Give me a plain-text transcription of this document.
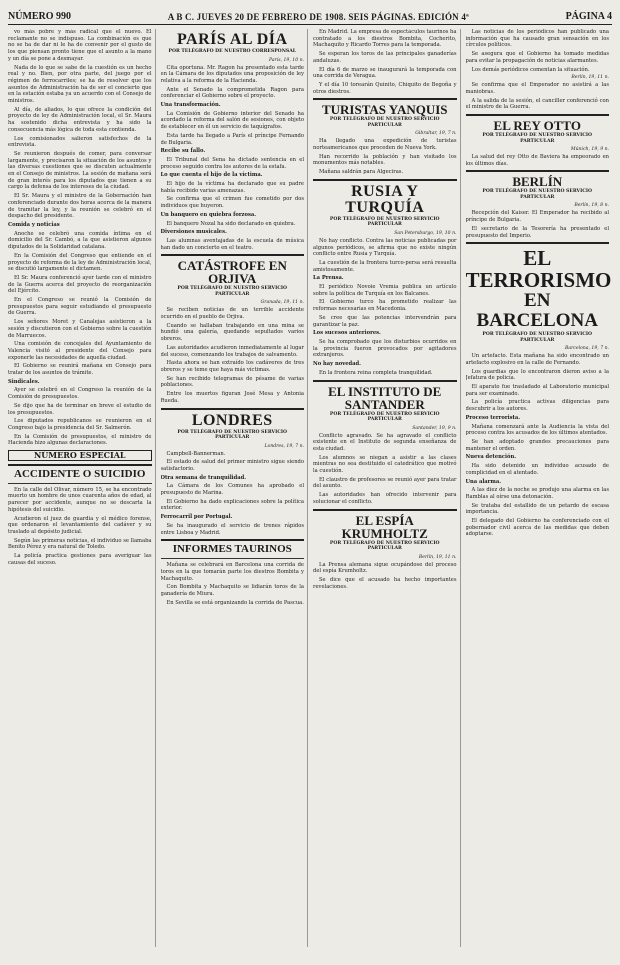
NÚMERO 990	A B C. JUEVES 20 DE FEBRERO DE 1908. SEIS PÁGINAS. EDICIÓN 4ª	PÁGINA 4

vo más pobre y más radical que el nuevo. El reclamante no se indispuso. La combinación es que no se ha de dar ni le ha de convenir por el gusto de los que piensan pronto tiene que el asunto a la mano y un día se pone a desmayar.

Nada de lo que se sabe de la cuestión es un hecho real y no. Bien, por otra parte, del juego por el régimen de ferrocarriles; se ha de resolver que los asuntos de Administración ha de ser el concierto que en la estación estaba ya un acuerdo con el Consejo de ministros.

Al día, de aliados, lo que ofrece la condición del proyecto de ley de Administración local, el Sr. Maura ha sostenido dicha entrevista y ha sido la consecuencia más lógica de toda esta contienda.

Los comisionados salieron satisfechos de la entrevista.

Se reunieron después de comer, para conversar largamente, y precisaron la situación de los asuntos y las diversas cuestiones que se discuten actualmente en el Consejo de ministros. La sesión de mañana será de gran interés para los diputados que tienen a su cargo la defensa de los intereses de la ciudad.

El Sr. Maura y el ministro de la Gobernación han conferenciado durante dos horas acerca de la manera de tramitar la ley, y la reunión se celebró en el despacho del presidente.

Comida y noticias

Anoche se celebró una comida íntima en el domicilio del Sr. Cambó, a la que asistieron algunos diputados de la Solidaridad catalana.

En la Comisión del Congreso que entiende en el proyecto de reforma de la ley de Administración local, se discutió largamente el dictamen.

El Sr. Maura conferenció ayer tarde con el ministro de la Guerra acerca del proyecto de reorganización del Ejército.

En el Congreso se reunió la Comisión de presupuestos para seguir estudiando el presupuesto de Guerra.

Los señores Moret y Canalejas asistieron a la sesión y discutieron con el Gobierno sobre la cuestión de Marruecos.

Una comisión de concejales del Ayuntamiento de Valencia visitó al presidente del Consejo para exponerle las necesidades de aquella ciudad.

El Gobierno se reunirá mañana en Consejo para tratar de los asuntos de trámite.

Sindicales.

Ayer se celebró en el Congreso la reunión de la Comisión de presupuestos.

Se dijo que ha de terminar en breve el estudio de los presupuestos.

Los diputados republicanos se reunieron en el Congreso bajo la presidencia del Sr. Salmerón.

En la Comisión de presupuestos, el ministro de Hacienda hizo algunas declaraciones.

NÚMERO ESPECIAL
ACCIDENTE O SUICIDIO

En la calle del Olivar, número 15, se ha encontrado muerto un hombre de unos cuarenta años de edad, al parecer por accidente, aunque no se descarta la hipótesis del suicidio.

Acudieron el juez de guardia y el médico forense, que ordenaron el levantamiento del cadáver y su traslado al depósito judicial.

Según las primeras noticias, el individuo se llamaba Benito Pérez y era natural de Toledo.

La policía practica gestiones para averiguar las causas del suceso.

PARÍS AL DÍA
POR TELÉGRAFO DE NUESTRO CORRESPONSAL

París, 19, 10 n.

Cita oportuna. Mr. Ragon ha presentado esta tarde en la Cámara de los diputados una proposición de ley relativa a la reforma de la Hacienda.

Ante el Senado la comprometida Ragon para conferenciar el Gobierno sobre el proyecto.

Una transformación.

La Comisión de Gobierno interior del Senado ha acordado la reforma del salón de sesiones, con objeto de establecer en él un servicio de taquígrafos.

Esta tarde ha llegado a París el príncipe Fernando de Bulgaria.

Recibe su fallo.

El Tribunal del Sena ha dictado sentencia en el proceso seguido contra los autores de la estafa.

Lo que cuenta el hijo de la víctima.

El hijo de la víctima ha declarado que su padre había recibido varias amenazas.

Se confirma que el crimen fue cometido por dos individuos que huyeron.

Un banquero en quiebra forzosa.

El banquero Nozal ha sido declarado en quiebra.

Diversiones musicales.

Las alumnas aventajadas de la escuela de música han dado un concierto en el teatro.

CATÁSTROFE EN ORJIVA
POR TELÉGRAFO DE NUESTRO SERVICIO PARTICULAR

Granada, 19, 11 n.

Se reciben noticias de un terrible accidente ocurrido en el pueblo de Orjiva.

Cuando se hallaban trabajando en una mina se hundió una galería, quedando sepultados varios obreros.

Las autoridades acudieron inmediatamente al lugar del suceso, comenzando los trabajos de salvamento.

Hasta ahora se han extraído los cadáveres de tres obreros y se teme que haya más víctimas.

Se han recibido telegramas de pésame de varias poblaciones.

Entre los muertos figuran José Mesa y Antonia Rueda.

LONDRES
POR TELÉGRAFO DE NUESTRO SERVICIO PARTICULAR

Londres, 19, 7 n.

Campbell-Bannerman.

El estado de salud del primer ministro sigue siendo satisfactorio.

Otra semana de tranquilidad.

La Cámara de los Comunes ha aprobado el presupuesto de Marina.

El Gobierno ha dado explicaciones sobre la política exterior.

Ferrocarril por Portugal.

Se ha inaugurado el servicio de trenes rápidos entre Lisboa y Madrid.

INFORMES TAURINOS

Mañana se celebrará en Barcelona una corrida de toros en la que tomarán parte los diestros Bombita y Machaquito.

Con Bombita y Machaquito se lidiarán toros de la ganadería de Miura.

En Sevilla se está organizando la corrida de Pascua.

En Madrid. La empresa de espectáculos taurinos ha contratado a los diestros Bombita, Cocherito, Machaquito y Ricardo Torres para la temporada.

Se esperan los toros de las principales ganaderías andaluzas.

El día 6 de marzo se inaugurará la temporada con una corrida de Veragua.

Y el día 10 torearán Quinito, Chiquito de Begoña y otros diestros.

TURISTAS YANQUIS
POR TELÉGRAFO DE NUESTRO SERVICIO PARTICULAR

Gibraltar, 19, 7 n.

Ha llegado una expedición de turistas norteamericanos que proceden de Nueva York.

Han recorrido la población y han visitado los monumentos más notables.

Mañana saldrán para Algeciras.

RUSIA Y TURQUÍA
POR TELÉGRAFO DE NUESTRO SERVICIO PARTICULAR

San Petersburgo, 19, 10 n.

No hay conflicto. Contra las noticias publicadas por algunos periódicos, se afirma que no existe ningún conflicto entre Rusia y Turquía.

La cuestión de la frontera turco-persa será resuelta amistosamente.

La Prensa.

El periódico Novoie Vremia publica un artículo sobre la política de Turquía en los Balcanes.

El Gobierno turco ha prometido realizar las reformas necesarias en Macedonia.

Se cree que las potencias intervendrán para garantizar la paz.

Los sucesos anteriores.

Se ha comprobado que los disturbios ocurridos en la provincia fueron provocados por agitadores extranjeros.

No hay novedad.

En la frontera reina completa tranquilidad.

EL INSTITUTO DE SANTANDER
POR TELÉGRAFO DE NUESTRO SERVICIO PARTICULAR

Santander, 19, 9 n.

Conflicto agravado. Se ha agravado el conflicto existente en el Instituto de segunda enseñanza de esta ciudad.

Los alumnos se niegan a asistir a las clases mientras no sea destituido el catedrático que motivó la cuestión.

El claustro de profesores se reunió ayer para tratar del asunto.

Las autoridades han ofrecido intervenir para solucionar el conflicto.

EL ESPÍA KRUMHOLTZ
POR TELÉGRAFO DE NUESTRO SERVICIO PARTICULAR

Berlín, 19, 11 n.

La Prensa alemana sigue ocupándose del proceso del espía Krumholtz.

Se dice que el acusado ha hecho importantes revelaciones.

Las noticias de los periódicos han publicado una información que ha causado gran sensación en los círculos políticos.

Se asegura que el Gobierno ha tomado medidas para evitar la propagación de noticias alarmantes.

Los demás periódicos comentan la situación.

Berlín, 19, 11 n.

Se confirma que el Emperador no asistirá a las maniobras.

A la salida de la sesión, el canciller conferenció con el ministro de la Guerra.

EL REY OTTO
POR TELÉGRAFO DE NUESTRO SERVICIO PARTICULAR

Múnich, 19, 9 n.

La salud del rey Otto de Baviera ha empeorado en los últimos días.

BERLÍN
POR TELÉGRAFO DE NUESTRO SERVICIO PARTICULAR

Berlín, 19, 8 n.

Recepción del Kaiser. El Emperador ha recibido al príncipe de Bulgaria.

El secretario de la Tesorería ha presentado el presupuesto del Imperio.

EL TERRORISMO
EN BARCELONA
POR TELÉGRAFO DE NUESTRO SERVICIO PARTICULAR

Barcelona, 19, 7 n.

Un artefacto. Esta mañana ha sido encontrado un artefacto explosivo en la calle de Fernando.

Los guardias que lo encontraron dieron aviso a la Jefatura de policía.

El aparato fue trasladado al Laboratorio municipal para ser examinado.

La policía practica activas diligencias para descubrir a los autores.

Proceso terrorista.

Mañana comenzará ante la Audiencia la vista del proceso contra los acusados de los últimos atentados.

Se han adoptado grandes precauciones para mantener el orden.

Nueva detención.

Ha sido detenido un individuo acusado de complicidad en el atentado.

Una alarma.

A las diez de la noche se produjo una alarma en las Ramblas al oírse una detonación.

Se trataba del estallido de un petardo de escasa importancia.

El delegado del Gobierno ha conferenciado con el gobernador civil acerca de las medidas que deben adoptarse.
